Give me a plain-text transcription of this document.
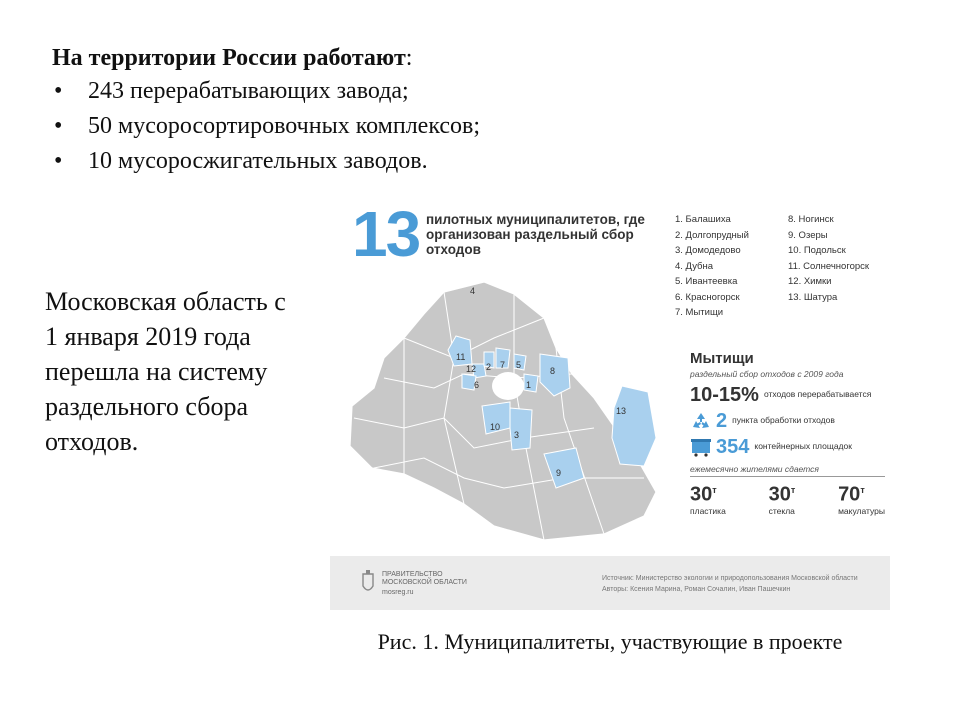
На территории России работают:
• 243 перерабатывающих завода;
• 50 мусоросортировочных комплексов;
• 10 мусоросжигательных заводов.
Московская область с 1 января 2019 года перешла на систему раздельного сбора отходов.
13 пилотных муниципалитетов, где организован раздельный сбор отходов
1. Балашиха
2. Долгопрудный
3. Домодедово
4. Дубна
5. Ивантеевка
6. Красногорск
7. Мытищи
8. Ногинск
9. Озеры
10. Подольск
11. Солнечногорск
12. Химки
13. Шатура
4
11
12 2 7 5
8
6	1
13
10
3
9
Мытищи
раздельный сбор отходов с 2009 года
10-15% отходов перерабатывается
2 пункта обработки отходов
354 контейнерных площадок
ежемесячно жителями сдается
$30^т$
пластика
$30^т$
стекла
$70^т$
макулатуры
ПРАВИТЕЛЬСТВО
МОСКОВСКОЙ ОБЛАСТИ
mosreg.ru
Источник: Министерство экологии и природопользования Московской области
Авторы: Ксения Марина, Роман Сочалин, Иван Пашечкин
Рис. 1. Муниципалитеты, участвующие в проекте
